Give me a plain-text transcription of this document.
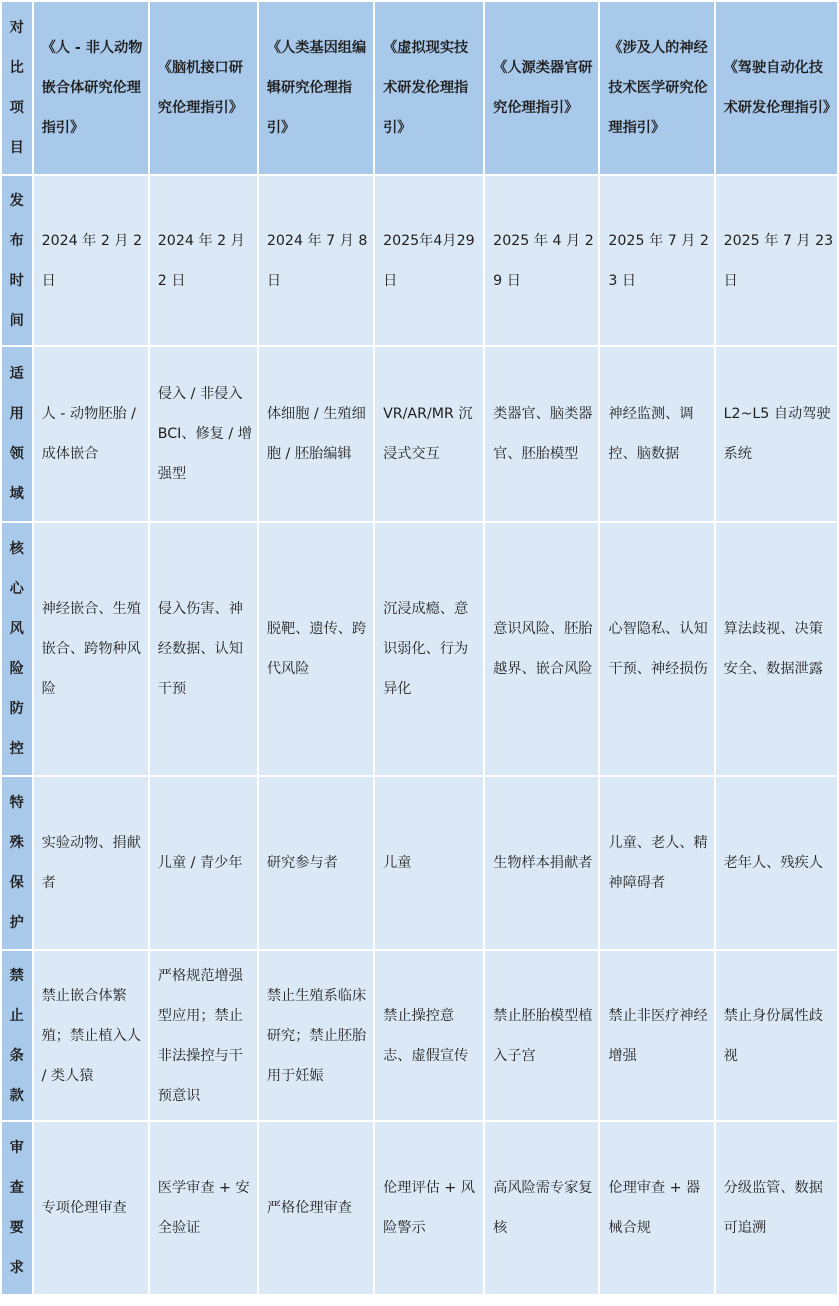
对比项目	《人 - 非人动物嵌合体研究伦理指引》	《脑机接口研究伦理指引》	《人类基因组编辑研究伦理指引》	《虚拟现实技术研发伦理指引》	《人源类器官研究伦理指引》	《涉及人的神经技术医学研究伦理指引》	《驾驶自动化技术研发伦理指引》

发布时间	2024 年 2 月 2 日	2024 年 2 月 2 日	2024 年 7 月 8 日	2025年4月29日	2025 年 4 月 29 日	2025 年 7 月 23 日	2025 年 7 月 23 日

适用领域	人 - 动物胚胎 / 成体嵌合	侵入 / 非侵入 BCI、修复 / 增强型	体细胞 / 生殖细胞 / 胚胎编辑	VR/AR/MR 沉浸式交互	类器官、脑类器官、胚胎模型	神经监测、调控、脑数据	L2~L5 自动驾驶系统

核心风险防控	神经嵌合、生殖嵌合、跨物种风险	侵入伤害、神经数据、认知干预	脱靶、遗传、跨代风险	沉浸成瘾、意识弱化、行为异化	意识风险、胚胎越界、嵌合风险	心智隐私、认知干预、神经损伤	算法歧视、决策安全、数据泄露

特殊保护	实验动物、捐献者	儿童 / 青少年	研究参与者	儿童	生物样本捐献者	儿童、老人、精神障碍者	老年人、残疾人

禁止条款	禁止嵌合体繁殖；禁止植入人 / 类人猿	严格规范增强型应用；禁止非法操控与干预意识	禁止生殖系临床研究；禁止胚胎用于妊娠	禁止操控意志、虚假宣传	禁止胚胎模型植入子宫	禁止非医疗神经增强	禁止身份属性歧视

审查要求	专项伦理审查	医学审查 + 安全验证	严格伦理审查	伦理评估 + 风险警示	高风险需专家复核	伦理审查 + 器械合规	分级监管、数据可追溯
